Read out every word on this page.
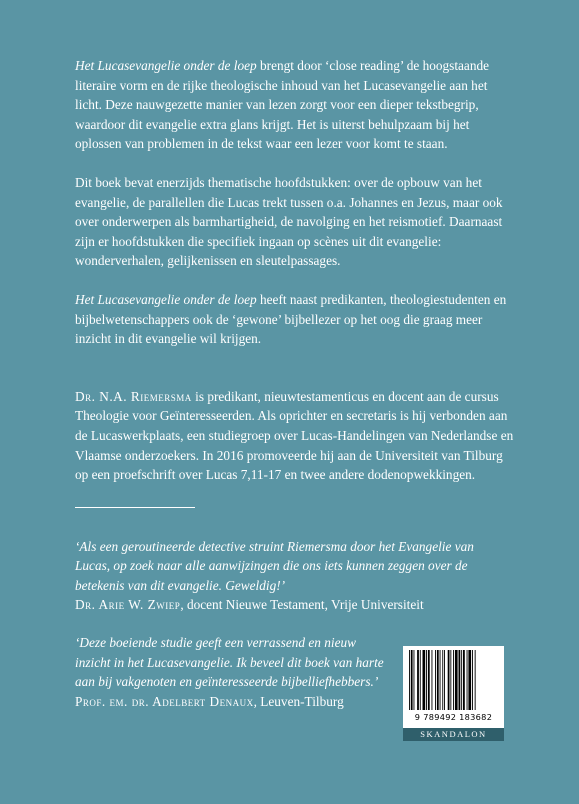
Het Lucasevangelie onder de loep brengt door ‘close reading’ de hoogstaande literaire vorm en de rijke theologische inhoud van het Lucasevangelie aan het licht. Deze nauwgezette manier van lezen zorgt voor een dieper tekstbegrip, waardoor dit evangelie extra glans krijgt. Het is uiterst behulpzaam bij het oplossen van problemen in de tekst waar een lezer voor komt te staan.

Dit boek bevat enerzijds thematische hoofdstukken: over de opbouw van het evangelie, de parallellen die Lucas trekt tussen o.a. Johannes en Jezus, maar ook over onderwerpen als barmhartigheid, de navolging en het reismotief. Daarnaast zijn er hoofdstukken die specifiek ingaan op scènes uit dit evangelie: wonderverhalen, gelijkenissen en sleutelpassages.

Het Lucasevangelie onder de loep heeft naast predikanten, theologiestudenten en bijbelwetenschappers ook de ‘gewone’ bijbellezer op het oog die graag meer inzicht in dit evangelie wil krijgen.

Dr. N.A. Riemersma is predikant, nieuwtestamenticus en docent aan de cursus Theologie voor Geïnteresseerden. Als oprichter en secretaris is hij verbonden aan de Lucaswerkplaats, een studiegroep over Lucas-Handelingen van Nederlandse en Vlaamse onderzoekers. In 2016 promoveerde hij aan de Universiteit van Tilburg op een proefschrift over Lucas 7,11-17 en twee andere dodenopwekkingen.

‘Als een geroutineerde detective struint Riemersma door het Evangelie van Lucas, op zoek naar alle aanwijzingen die ons iets kunnen zeggen over de betekenis van dit evangelie. Geweldig!’

Dr. Arie W. Zwiep, docent Nieuwe Testament, Vrije Universiteit

‘Deze boeiende studie geeft een verrassend en nieuw inzicht in het Lucasevangelie. Ik beveel dit boek van harte aan bij vakgenoten en geïnteresseerde bijbelliefhebbers.’

Prof. em. dr. Adelbert Denaux, Leuven-Tilburg

9 789492 183682
SKANDALON
